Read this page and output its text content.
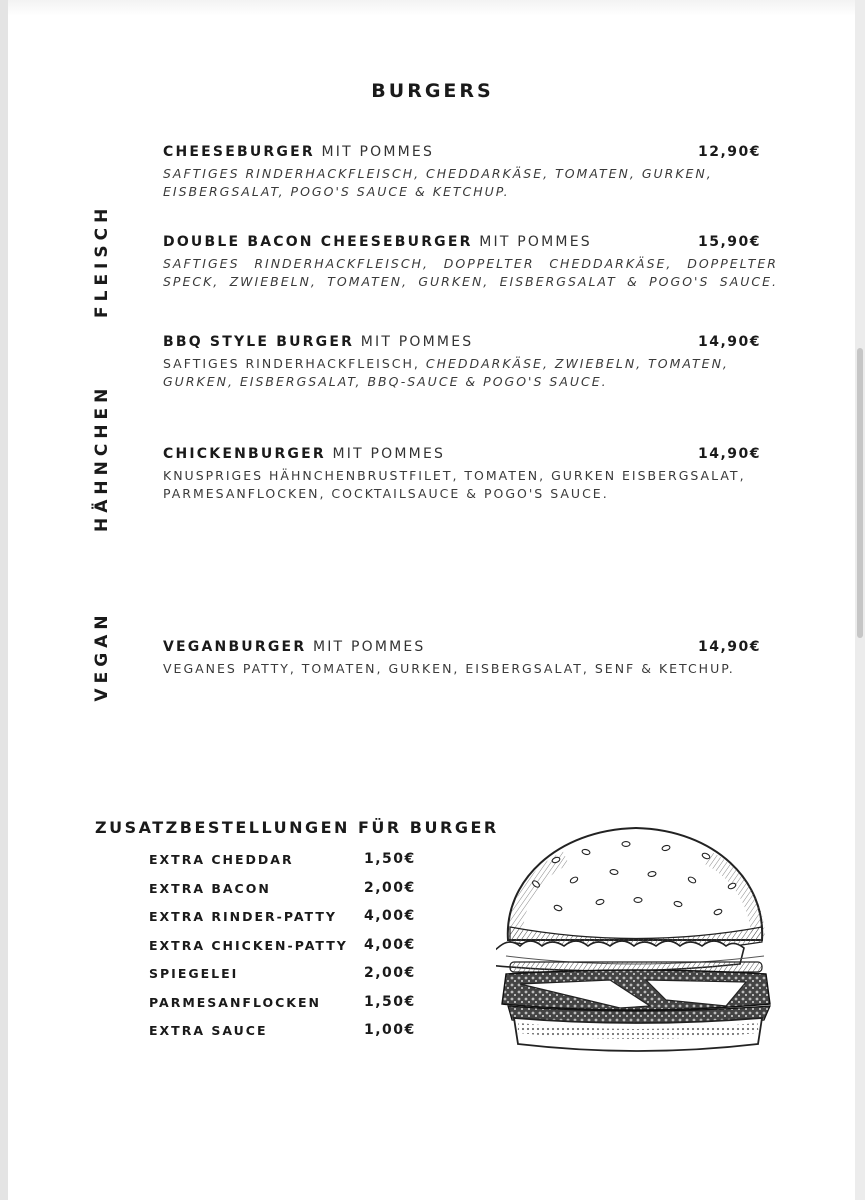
BURGERS
FLEISCH
HÄHNCHEN
VEGAN
CHEESEBURGER MIT POMMES	12,90€
SAFTIGES RINDERHACKFLEISCH, CHEDDARKÄSE, TOMATEN, GURKEN, EISBERGSALAT, POGO'S SAUCE & KETCHUP.
DOUBLE BACON CHEESEBURGER MIT POMMES	15,90€
SAFTIGES RINDERHACKFLEISCH, DOPPELTER CHEDDARKÄSE, DOPPELTER SPECK, ZWIEBELN, TOMATEN, GURKEN, EISBERGSALAT & POGO'S SAUCE.
BBQ STYLE BURGER MIT POMMES	14,90€
SAFTIGES RINDERHACKFLEISCH, CHEDDARKÄSE, ZWIEBELN, TOMATEN, GURKEN, EISBERGSALAT, BBQ-SAUCE & POGO'S SAUCE.
CHICKENBURGER MIT POMMES	14,90€
KNUSPRIGES HÄHNCHENBRUSTFILET, TOMATEN, GURKEN EISBERGSALAT, PARMESANFLOCKEN, COCKTAILSAUCE & POGO'S SAUCE.
VEGANBURGER MIT POMMES	14,90€
VEGANES PATTY, TOMATEN, GURKEN, EISBERGSALAT, SENF & KETCHUP.
ZUSATZBESTELLUNGEN FÜR BURGER
EXTRA CHEDDAR	1,50€
EXTRA BACON	2,00€
EXTRA RINDER-PATTY 4,00€
EXTRA CHICKEN-PATTY 4,00€
SPIEGELEI	2,00€
PARMESANFLOCKEN	1,50€
EXTRA SAUCE	1,00€
